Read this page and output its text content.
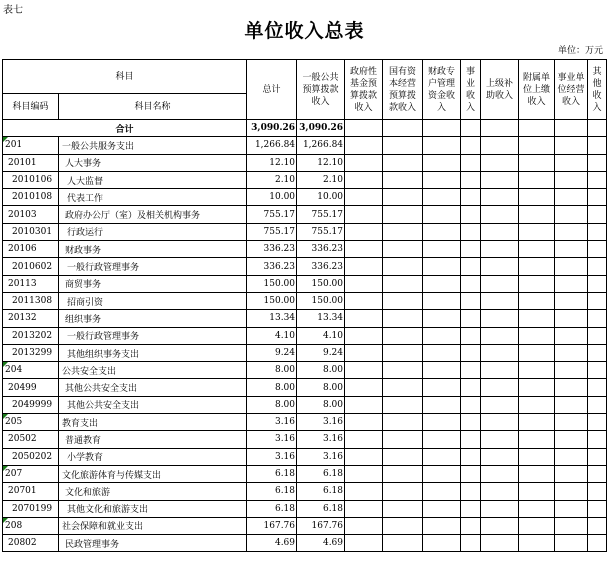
表七
单位收入总表
单位：万元
科目		总计	一般公共预算拨款收入	政府性基金预算拨款收入	国有资本经营预算拨款收入	财政专户管理资金收入	事业收入	上级补助收入	附属单位上缴收入	事业单位经营收入	其他收入
科目编码	科目名称										
合计		3,090.26	3,090.26								
201	一般公共服务支出	1,266.84	1,266.84								
20101	人大事务	12.10	12.10								
2010106	人大监督	2.10	2.10								
2010108	代表工作	10.00	10.00								
20103	政府办公厅（室）及相关机构事务	755.17	755.17								
2010301	行政运行	755.17	755.17								
20106	财政事务	336.23	336.23								
2010602	一般行政管理事务	336.23	336.23								
20113	商贸事务	150.00	150.00								
2011308	招商引资	150.00	150.00								
20132	组织事务	13.34	13.34								
2013202	一般行政管理事务	4.10	4.10								
2013299	其他组织事务支出	9.24	9.24								
204	公共安全支出	8.00	8.00								
20499	其他公共安全支出	8.00	8.00								
2049999	其他公共安全支出	8.00	8.00								
205	教育支出	3.16	3.16								
20502	普通教育	3.16	3.16								
2050202	小学教育	3.16	3.16								
207	文化旅游体育与传媒支出	6.18	6.18								
20701	文化和旅游	6.18	6.18								
2070199	其他文化和旅游支出	6.18	6.18								
208	社会保障和就业支出	167.76	167.76								
20802	民政管理事务	4.69	4.69								
